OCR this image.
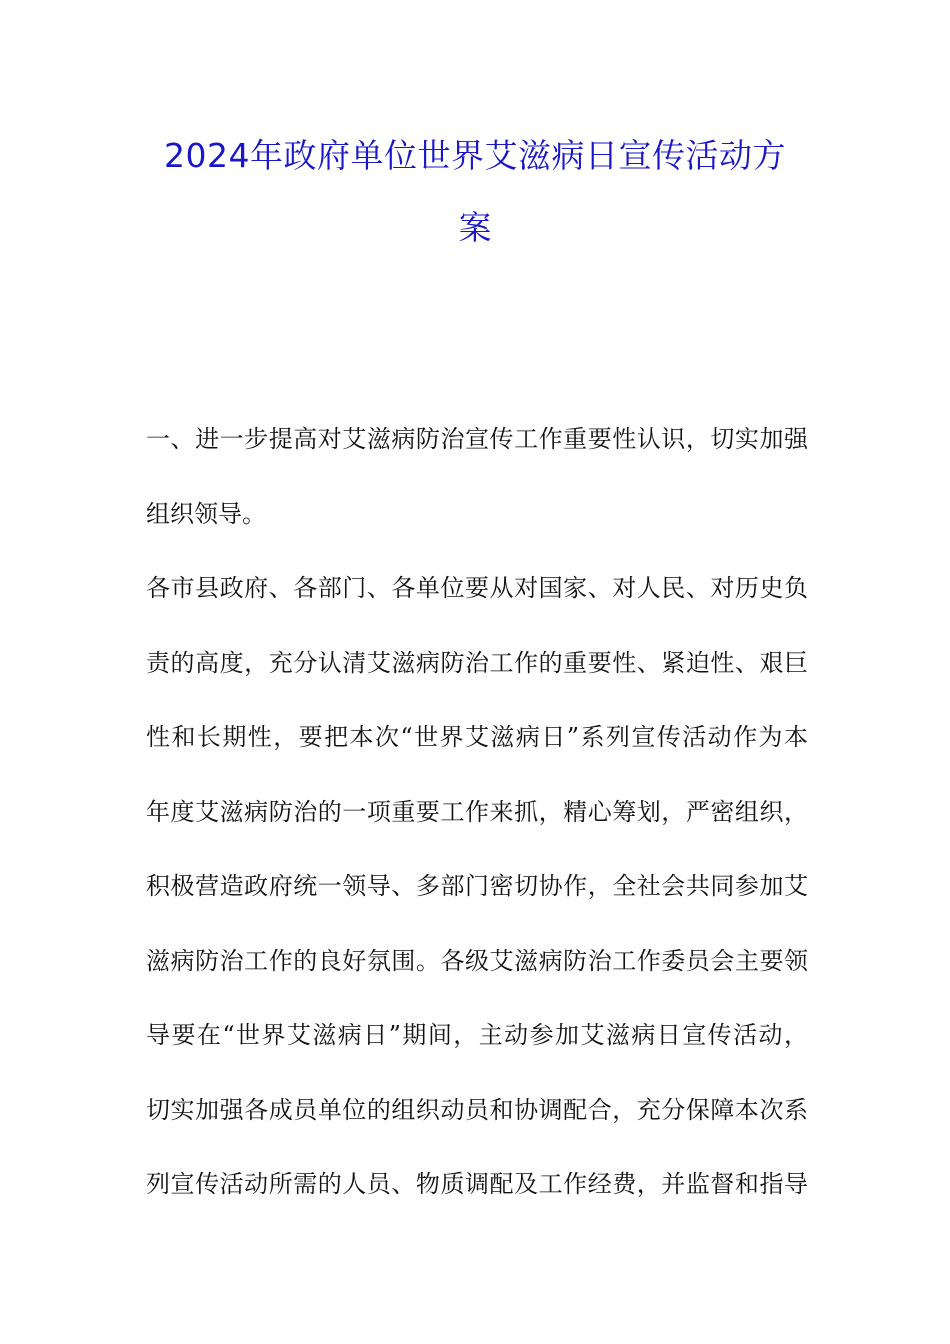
2024年政府单位世界艾滋病日宣传活动方
案
一、进一步提高对艾滋病防治宣传工作重要性认识，切实加强
组织领导。
各市县政府、各部门、各单位要从对国家、对人民、对历史负
责的高度，充分认清艾滋病防治工作的重要性、紧迫性、艰巨
性和长期性，要把本次“世界艾滋病日”系列宣传活动作为本
年度艾滋病防治的一项重要工作来抓，精心筹划，严密组织，
积极营造政府统一领导、多部门密切协作，全社会共同参加艾
滋病防治工作的良好氛围。各级艾滋病防治工作委员会主要领
导要在“世界艾滋病日”期间，主动参加艾滋病日宣传活动，
切实加强各成员单位的组织动员和协调配合，充分保障本次系
列宣传活动所需的人员、物质调配及工作经费，并监督和指导
